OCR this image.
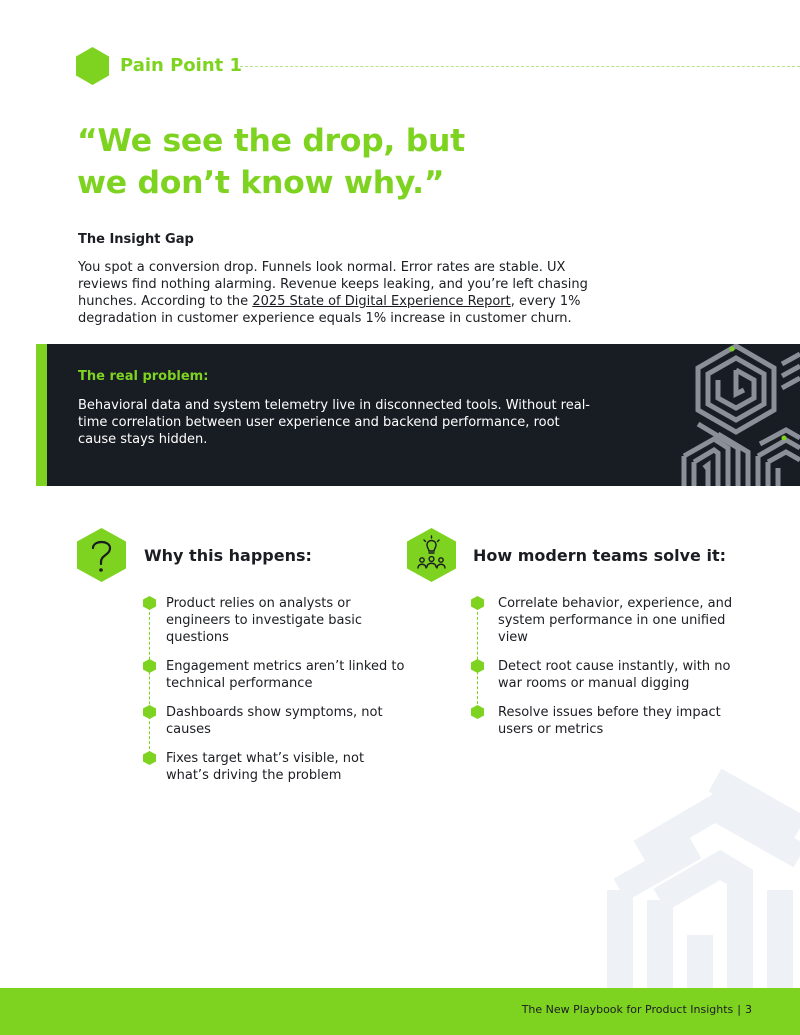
Pain Point 1
“We see the drop, but
we don’t know why.”
The Insight Gap

You spot a conversion drop. Funnels look normal. Error rates are stable. UX reviews find nothing alarming. Revenue keeps leaking, and you’re left chasing hunches. According to the 2025 State of Digital Experience Report, every 1% degradation in customer experience equals 1% increase in customer churn.

The real problem:
Behavioral data and system telemetry live in disconnected tools. Without real-time correlation between user experience and backend performance, root cause stays hidden.
Why this happens:
Product relies on analysts or engineers to investigate basic questions
Engagement metrics aren’t linked to technical performance
Dashboards show symptoms, not causes
Fixes target what’s visible, not what’s driving the problem
How modern teams solve it:
Correlate behavior, experience, and system performance in one unified view
Detect root cause instantly, with no war rooms or manual digging
Resolve issues before they impact users or metrics
The New Playbook for Product Insights | 3
